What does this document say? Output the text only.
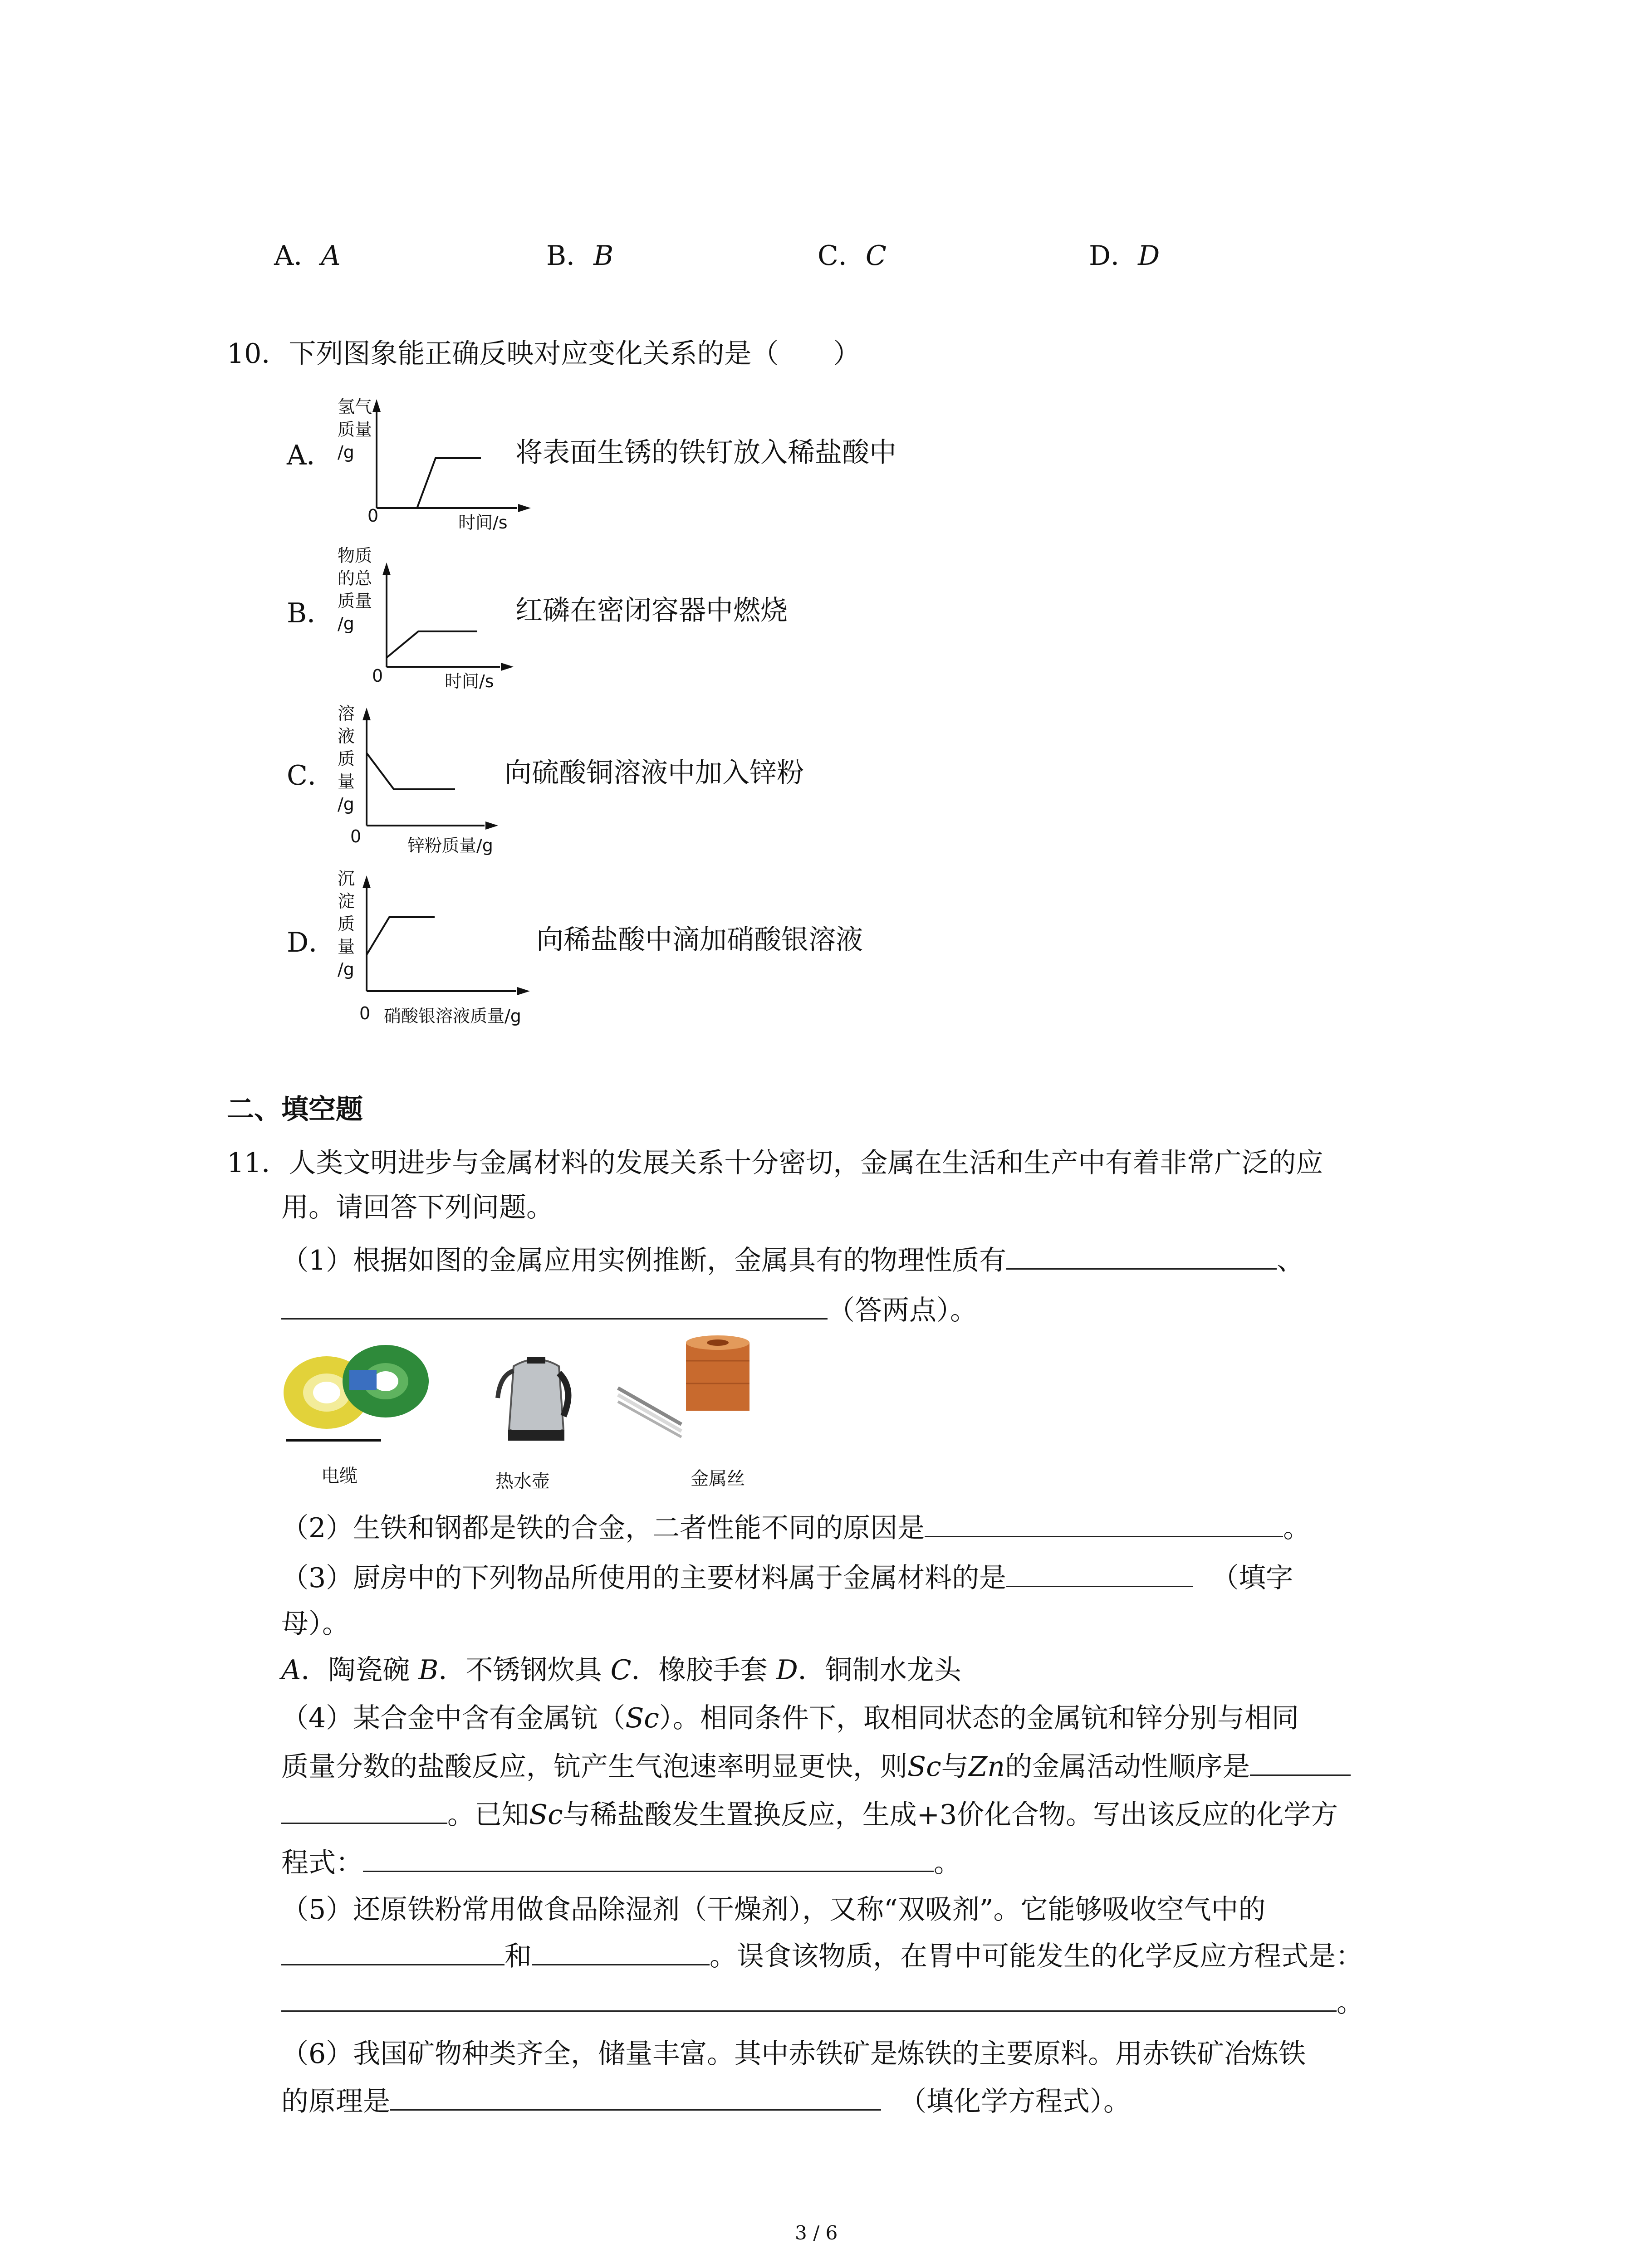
A．A	B．B	C．C	D．D
10．下列图象能正确反映对应变化关系的是（　　）
A．
氢气
质量
/g
0	时间/s
将表面生锈的铁钉放入稀盐酸中
B．
物质
的总
质量
/g
0	时间/s
红磷在密闭容器中燃烧
C．
溶
液
质
量
/g
0	锌粉质量/g
向硫酸铜溶液中加入锌粉
D．
沉
淀
质
量
/g
0 硝酸银溶液质量/g
向稀盐酸中滴加硝酸银溶液
二、填空题
11．人类文明进步与金属材料的发展关系十分密切，金属在生活和生产中有着非常广泛的应
用。请回答下列问题。
（1）根据如图的金属应用实例推断，金属具有的物理性质有	、
（答两点）。
电缆	热水壶	金属丝
（2）生铁和钢都是铁的合金，二者性能不同的原因是	。
（3）厨房中的下列物品所使用的主要材料属于金属材料的是	（填字
母）。
A．陶瓷碗 B．不锈钢炊具 C．橡胶手套 D．铜制水龙头
（4）某合金中含有金属钪（Sc）。相同条件下，取相同状态的金属钪和锌分别与相同
质量分数的盐酸反应，钪产生气泡速率明显更快，则Sc与Zn的金属活动性顺序是
。已知Sc与稀盐酸发生置换反应，生成+3价化合物。写出该反应的化学方
程式：	。
（5）还原铁粉常用做食品除湿剂（干燥剂），又称“双吸剂”。它能够吸收空气中的
和	。误食该物质，在胃中可能发生的化学反应方程式是：
。
（6）我国矿物种类齐全，储量丰富。其中赤铁矿是炼铁的主要原料。用赤铁矿冶炼铁
的原理是	（填化学方程式）。
3 / 6
